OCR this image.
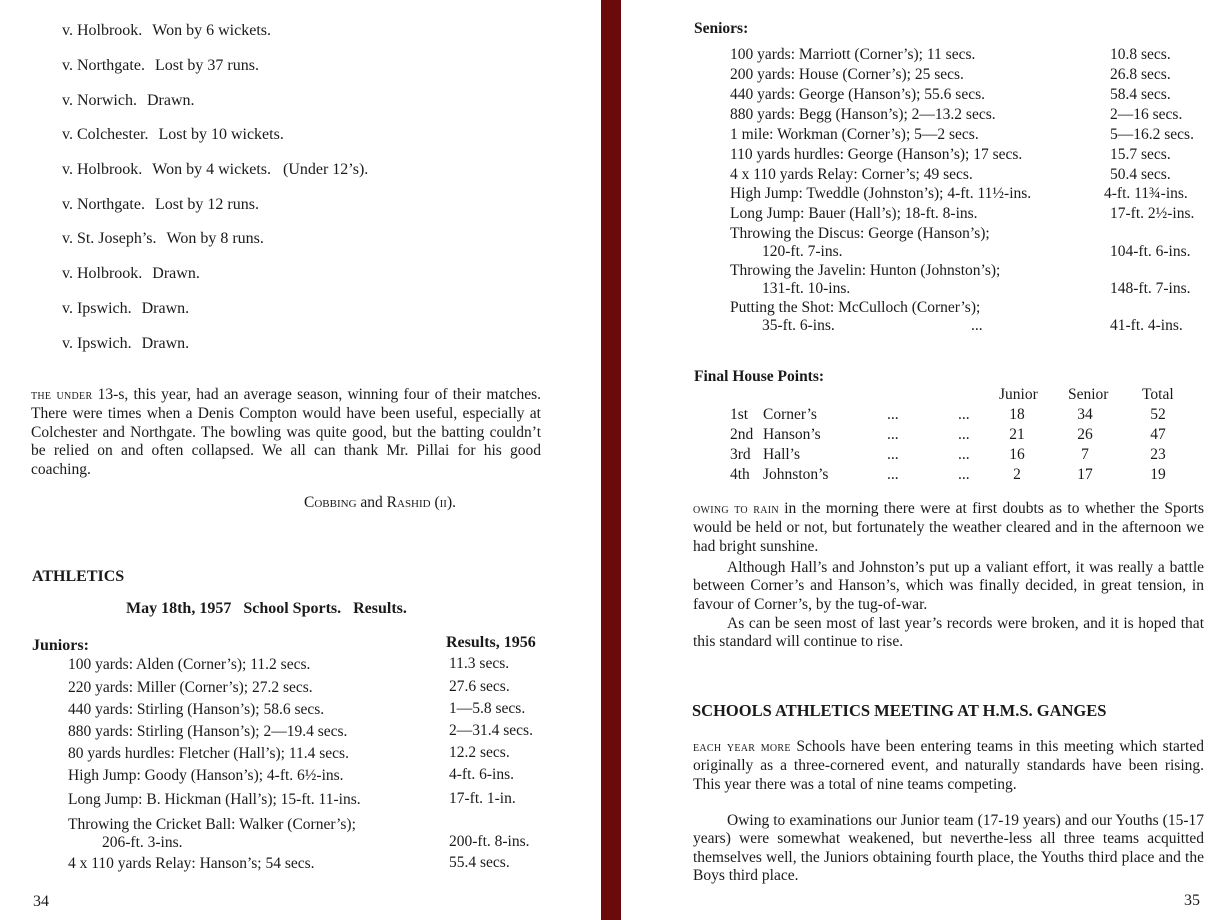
v. Holbrook. Won by 6 wickets.
v. Northgate. Lost by 37 runs.
v. Norwich. Drawn.
v. Colchester. Lost by 10 wickets.
v. Holbrook. Won by 4 wickets.   (Under 12’s).
v. Northgate. Lost by 12 runs.
v. St. Joseph’s. Won by 8 runs.
v. Holbrook. Drawn.
v. Ipswich. Drawn.
v. Ipswich. Drawn.
the under 13-s, this year, had an average season, winning four of their matches. There were times when a Denis Compton would have been useful, especially at Colchester and Northgate. The bowling was quite good, but the batting couldn’t be relied on and often collapsed. We all can thank Mr. Pillai for his good coaching.
Cobbing and Rashid (ii).
ATHLETICS
May 18th, 1957   School Sports.   Results.
Juniors:	Results, 1956
100 yards: Alden (Corner’s); 11.2 secs.	11.3 secs.
220 yards: Miller (Corner’s); 27.2 secs.	27.6 secs.
440 yards: Stirling (Hanson’s); 58.6 secs.	1—5.8 secs.
880 yards: Stirling (Hanson’s); 2—19.4 secs.	2—31.4 secs.
80 yards hurdles: Fletcher (Hall’s); 11.4 secs.	12.2 secs.
High Jump: Goody (Hanson’s); 4-ft. 6½-ins.	4-ft. 6-ins.
Long Jump: B. Hickman (Hall’s); 15-ft. 11-ins.	17-ft. 1-in.
Throwing the Cricket Ball: Walker (Corner’s);
206-ft. 3-ins.	200-ft. 8-ins.
4 x 110 yards Relay: Hanson’s; 54 secs.	55.4 secs.
34
Seniors:
100 yards: Marriott (Corner’s); 11 secs.	10.8 secs.
200 yards: House (Corner’s); 25 secs.	26.8 secs.
440 yards: George (Hanson’s); 55.6 secs.	58.4 secs.
880 yards: Begg (Hanson’s); 2—13.2 secs.	2—16 secs.
1 mile: Workman (Corner’s); 5—2 secs.	5—16.2 secs.
110 yards hurdles: George (Hanson’s); 17 secs.	15.7 secs.
4 x 110 yards Relay: Corner’s; 49 secs.	50.4 secs.
High Jump: Tweddle (Johnston’s); 4-ft. 11½-ins.	4-ft. 11¾-ins.
Long Jump: Bauer (Hall’s); 18-ft. 8-ins.	17-ft. 2½-ins.
Throwing the Discus: George (Hanson’s);
120-ft. 7-ins.	104-ft. 6-ins.
Throwing the Javelin: Hunton (Johnston’s);
131-ft. 10-ins.	148-ft. 7-ins.
Putting the Shot: McCulloch (Corner’s);
35-ft. 6-ins.	...	41-ft. 4-ins.
Final House Points:
Junior Senior Total
1st Corner’s	...	...	18	34	52
2nd Hanson’s	...	...	21	26	47
3rd Hall’s	...	...	16	7	23
4th Johnston’s	...	...	2	17	19
owing to rain in the morning there were at first doubts as to whether the Sports would be held or not, but fortunately the weather cleared and in the afternoon we had bright sunshine.
Although Hall’s and Johnston’s put up a valiant effort, it was really a battle between Corner’s and Hanson’s, which was finally decided, in great tension, in favour of Corner’s, by the tug-of-war.
As can be seen most of last year’s records were broken, and it is hoped that this standard will continue to rise.
SCHOOLS ATHLETICS MEETING AT H.M.S. GANGES
each year more Schools have been entering teams in this meeting which started originally as a three-cornered event, and naturally standards have been rising. This year there was a total of nine teams competing.
Owing to examinations our Junior team (17-19 years) and our Youths (15-17 years) were somewhat weakened, but neverthe-less all three teams acquitted themselves well, the Juniors obtaining fourth place, the Youths third place and the Boys third place.
35
